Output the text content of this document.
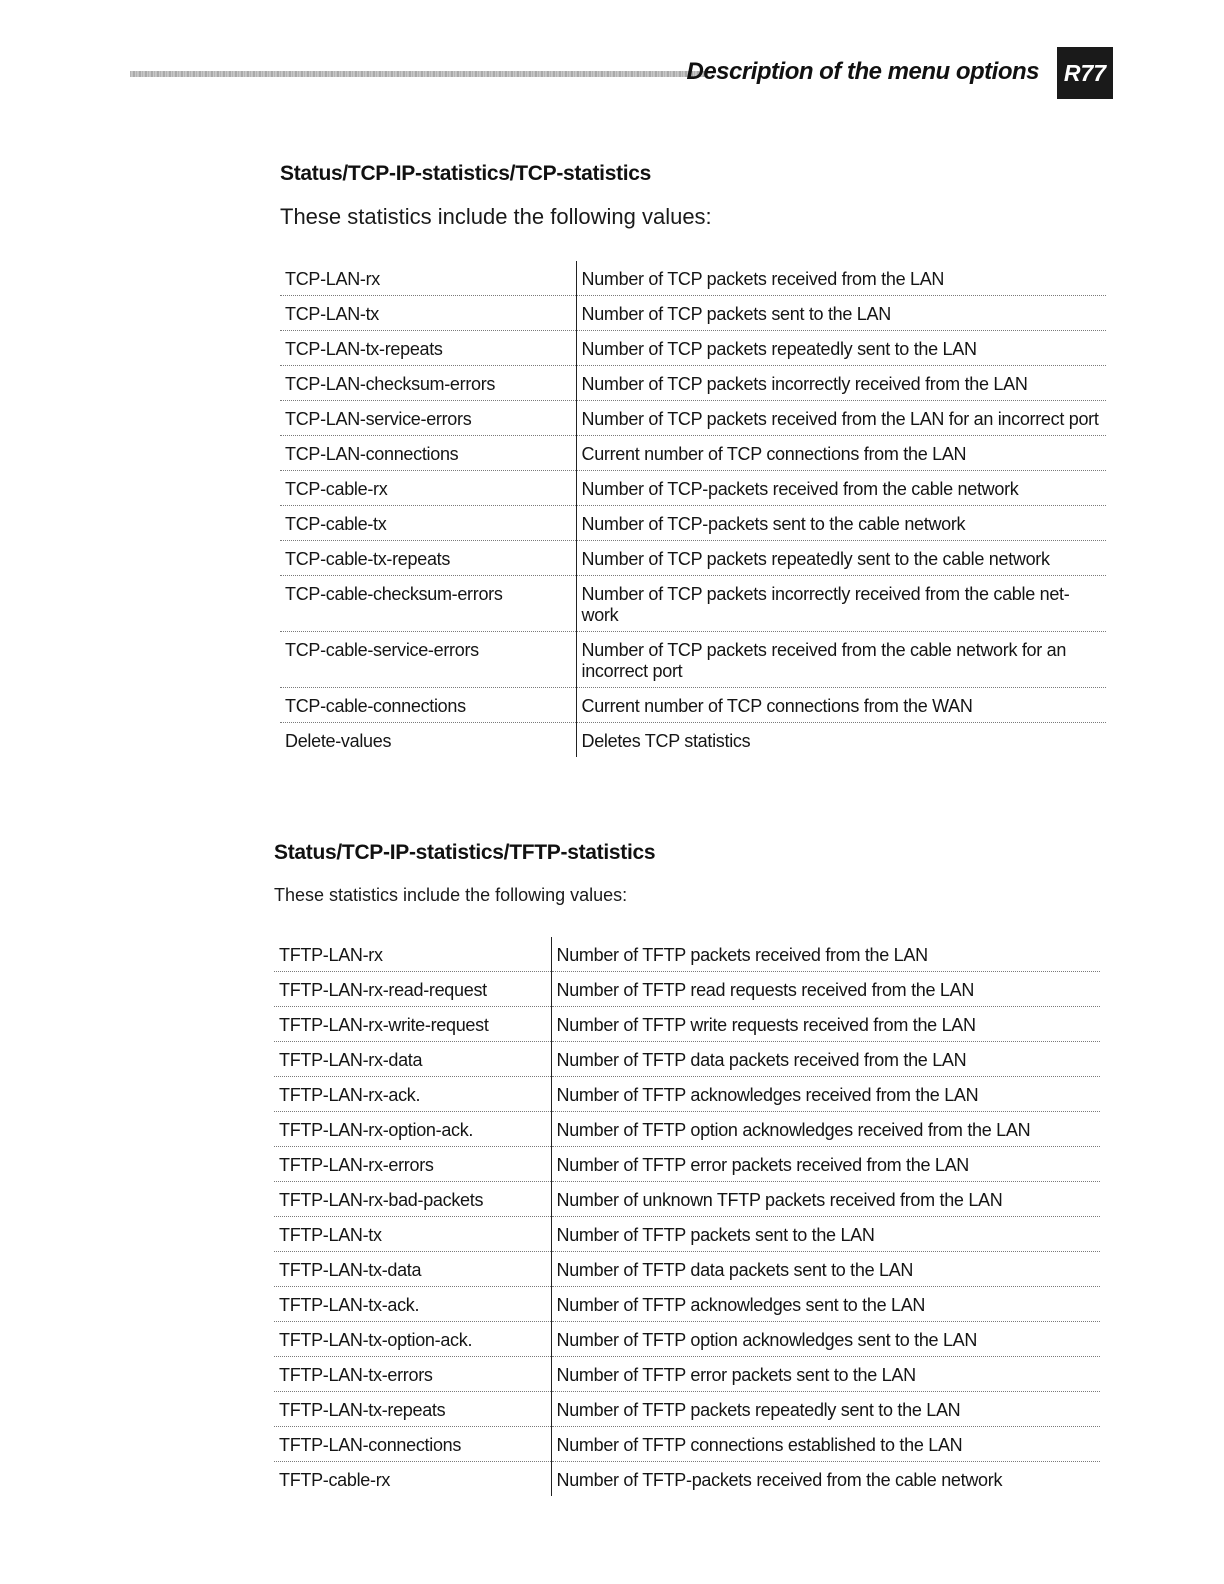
Description of the menu options R77
Status/TCP-IP-statistics/TCP-statistics
These statistics include the following values:
TCP-LAN-rx	Number of TCP packets received from the LAN
TCP-LAN-tx	Number of TCP packets sent to the LAN
TCP-LAN-tx-repeats	Number of TCP packets repeatedly sent to the LAN
TCP-LAN-checksum-errors	Number of TCP packets incorrectly received from the LAN
TCP-LAN-service-errors	Number of TCP packets received from the LAN for an incorrect port
TCP-LAN-connections	Current number of TCP connections from the LAN
TCP-cable-rx	Number of TCP-packets received from the cable network
TCP-cable-tx	Number of TCP-packets sent to the cable network
TCP-cable-tx-repeats	Number of TCP packets repeatedly sent to the cable network
TCP-cable-checksum-errors	Number of TCP packets incorrectly received from the cable net-work
TCP-cable-service-errors	Number of TCP packets received from the cable network for an incorrect port
TCP-cable-connections	Current number of TCP connections from the WAN
Delete-values	Deletes TCP statistics
Status/TCP-IP-statistics/TFTP-statistics
These statistics include the following values:
TFTP-LAN-rx	Number of TFTP packets received from the LAN
TFTP-LAN-rx-read-request	Number of TFTP read requests received from the LAN
TFTP-LAN-rx-write-request	Number of TFTP write requests received from the LAN
TFTP-LAN-rx-data	Number of TFTP data packets received from the LAN
TFTP-LAN-rx-ack.	Number of TFTP acknowledges received from the LAN
TFTP-LAN-rx-option-ack.	Number of TFTP option acknowledges received from the LAN
TFTP-LAN-rx-errors	Number of TFTP error packets received from the LAN
TFTP-LAN-rx-bad-packets	Number of unknown TFTP packets received from the LAN
TFTP-LAN-tx	Number of TFTP packets sent to the LAN
TFTP-LAN-tx-data	Number of TFTP data packets sent to the LAN
TFTP-LAN-tx-ack.	Number of TFTP acknowledges sent to the LAN
TFTP-LAN-tx-option-ack.	Number of TFTP option acknowledges sent to the LAN
TFTP-LAN-tx-errors	Number of TFTP error packets sent to the LAN
TFTP-LAN-tx-repeats	Number of TFTP packets repeatedly sent to the LAN
TFTP-LAN-connections	Number of TFTP connections established to the LAN
TFTP-cable-rx	Number of TFTP-packets received from the cable network
